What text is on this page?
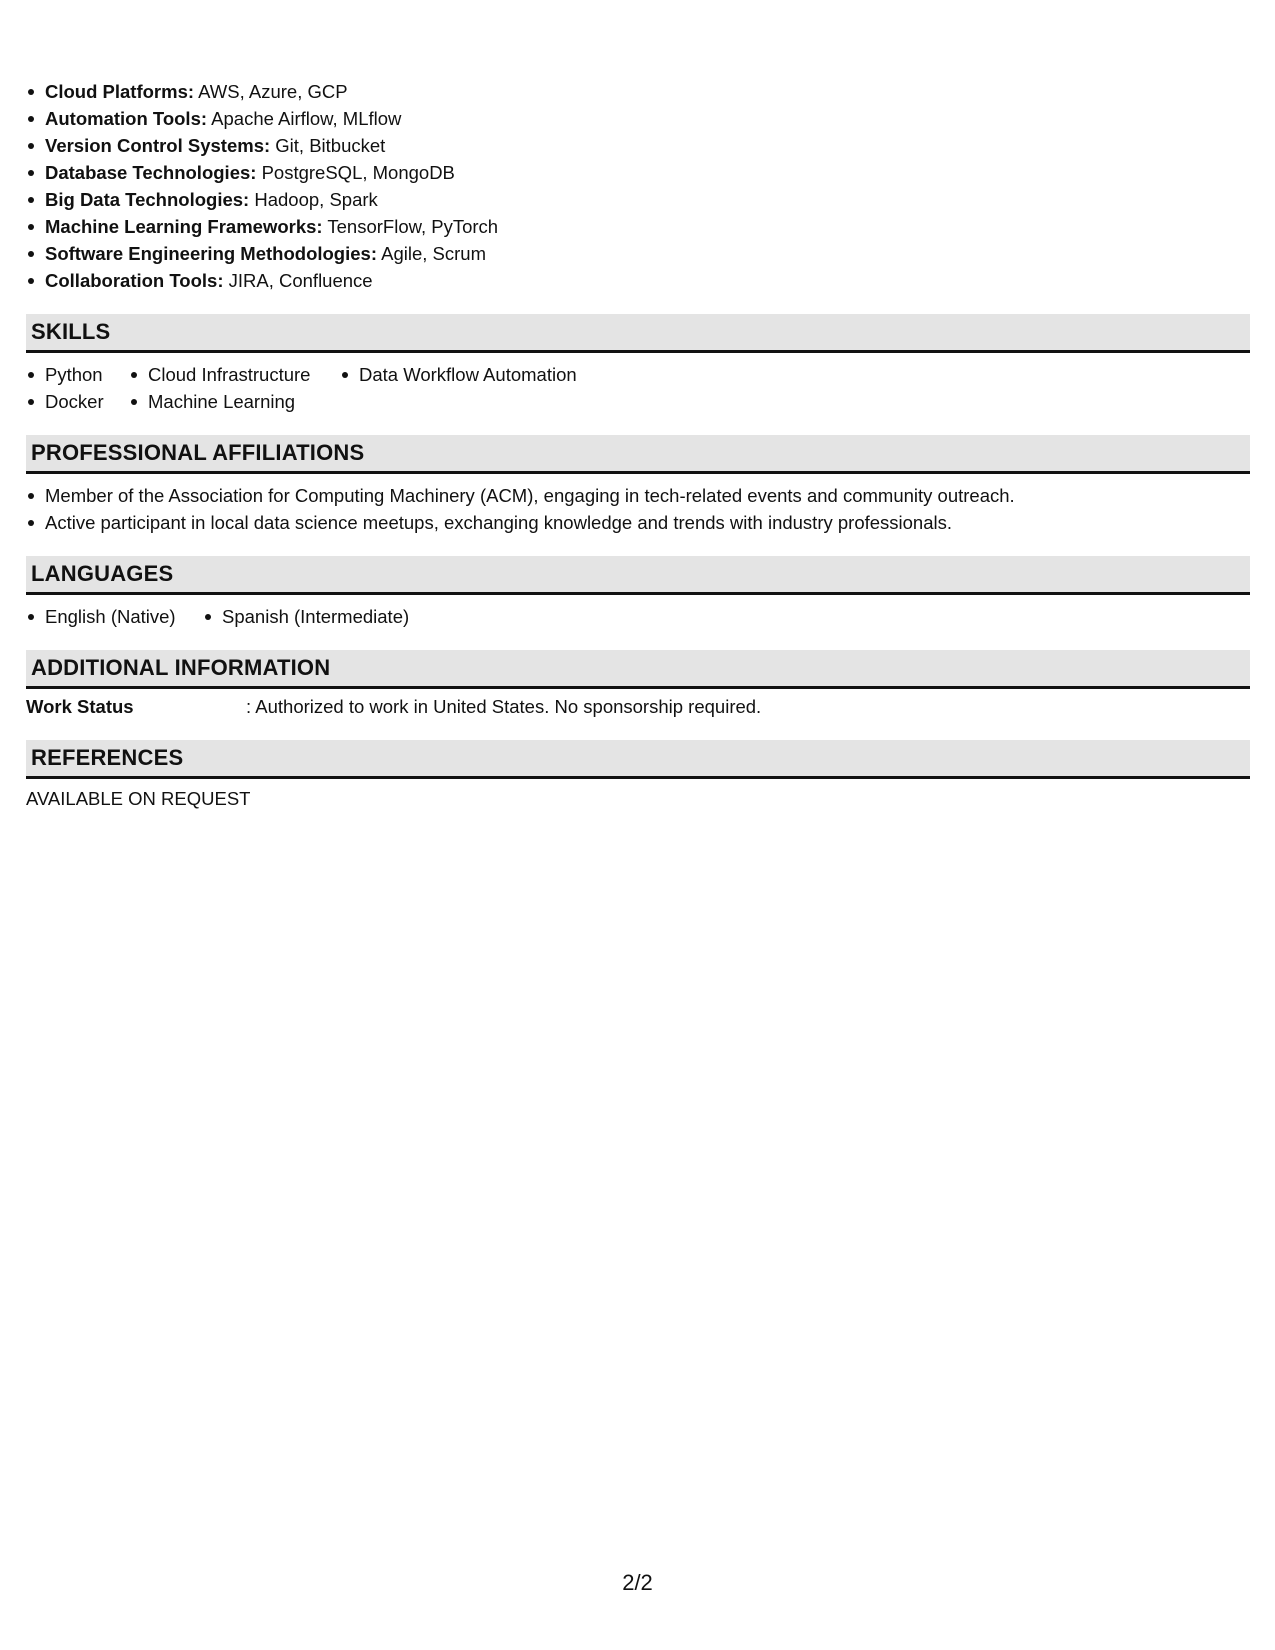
Cloud Platforms: AWS, Azure, GCP
Automation Tools: Apache Airflow, MLflow
Version Control Systems: Git, Bitbucket
Database Technologies: PostgreSQL, MongoDB
Big Data Technologies: Hadoop, Spark
Machine Learning Frameworks: TensorFlow, PyTorch
Software Engineering Methodologies: Agile, Scrum
Collaboration Tools: JIRA, Confluence
SKILLS
Python	Cloud Infrastructure	Data Workflow Automation
Docker	Machine Learning
PROFESSIONAL AFFILIATIONS
Member of the Association for Computing Machinery (ACM), engaging in tech-related events and community outreach.
Active participant in local data science meetups, exchanging knowledge and trends with industry professionals.
LANGUAGES
English (Native)	Spanish (Intermediate)
ADDITIONAL INFORMATION
Work Status	: Authorized to work in United States. No sponsorship required.
REFERENCES
AVAILABLE ON REQUEST
2/2
